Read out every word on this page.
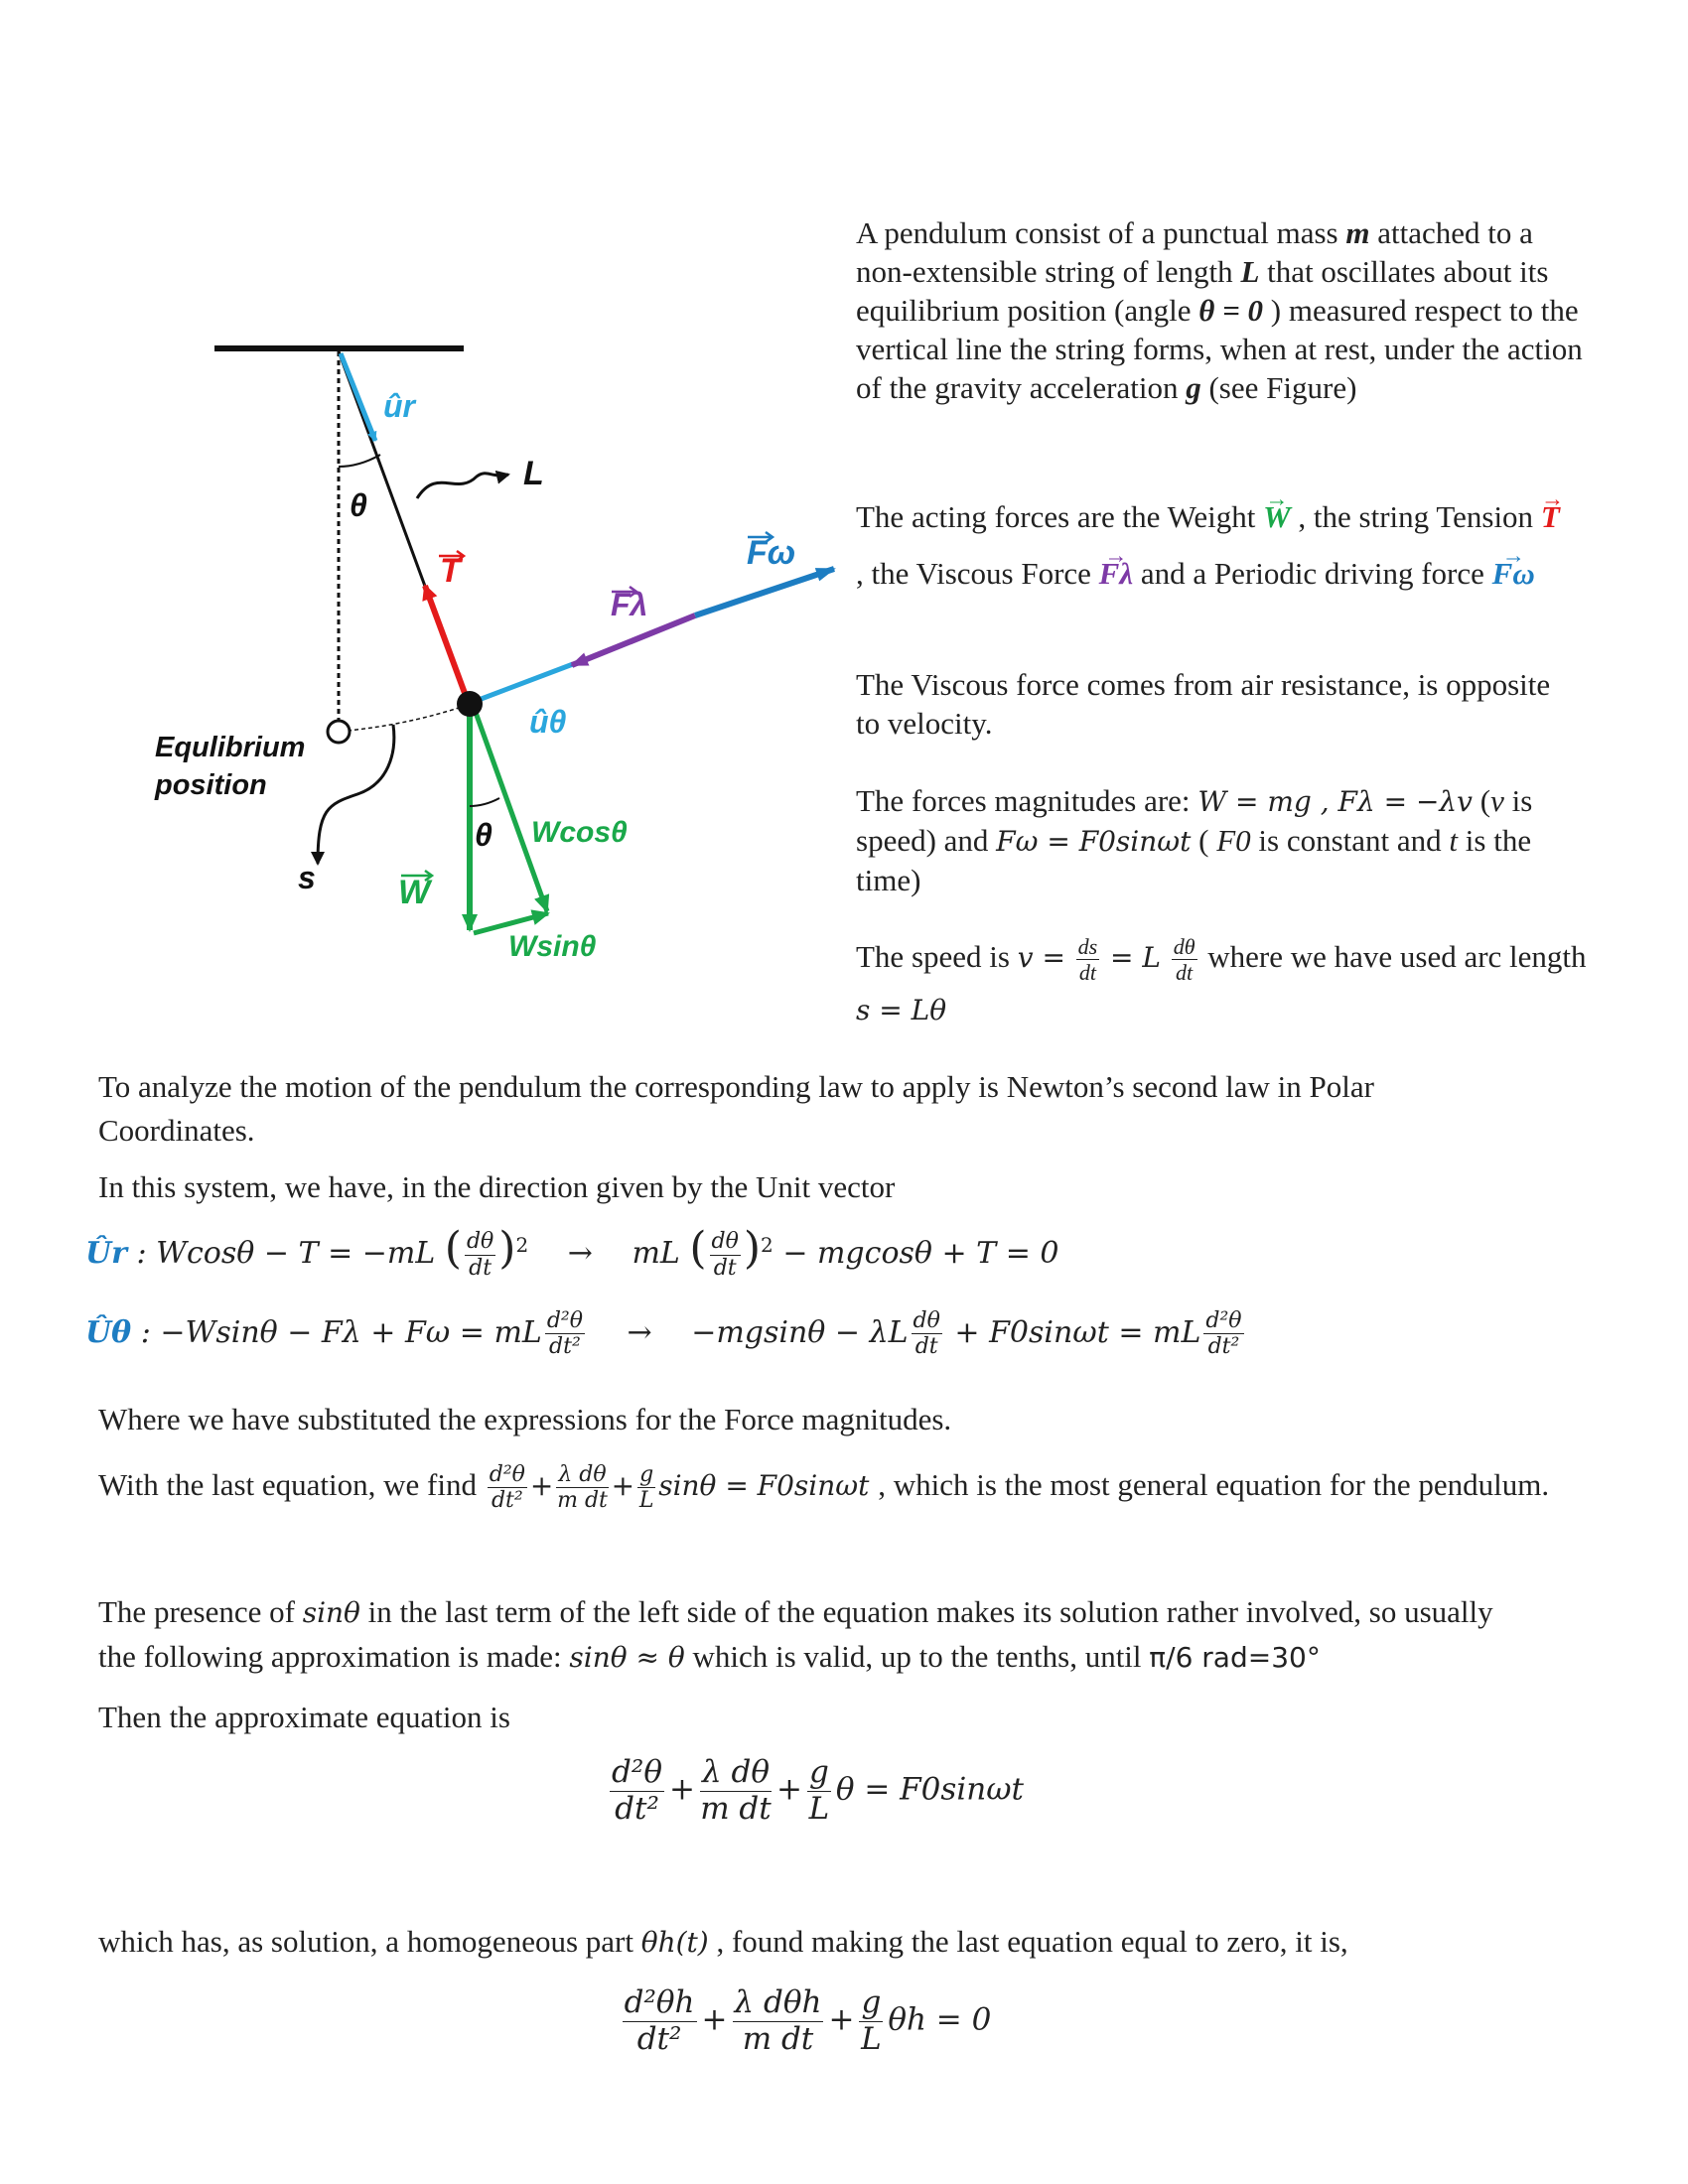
ûr
θ
L
T
Fλ
Fω
ûθ
Equlibrium
position
θ Wcosθ
s W
Wsinθ

A pendulum consist of a punctual mass m attached to a non-extensible string of length L that oscillates about its equilibrium position (angle θ = 0 ) measured respect to the vertical line the string forms, when at rest, under the action of the gravity acceleration g (see Figure)

The acting forces are the Weight → W , the string Tension → T , the Viscous Force → Fλ and a Periodic driving force → Fω

The Viscous force comes from air resistance, is opposite to velocity.

The forces magnitudes are: W = mg , Fλ = −λv (v is speed) and Fω = F0sinωt ( F0 is constant and t is the time)

The speed is $v = \frac{ds}{dt} = L \frac{d\theta}{dt}$ where we have used arc length s = Lθ

To analyze the motion of the pendulum the corresponding law to apply is Newton’s second law in Polar Coordinates.

In this system, we have, in the direction given by the Unit vector

Ûr : Wcosθ − T = −mL ( $\frac{d\theta}{dt} )^2$ → mL ( $\frac{d\theta}{dt} )^2 - mgcos\theta + T = 0$
Ûθ : −Wsinθ − Fλ + Fω = mL $\frac{\text{d²θ}}{\text{dt²}} \to -mgsin\theta - \lambda L \frac{d\theta}{dt} + F0\sin\omega t$ = mL $\frac{\text{d²θ}}{\text{dt²}}$

Where we have substituted the expressions for the Force magnitudes.

With the last equation, we find $\frac{\text{d²θ}}{\text{dt²}} + \frac{\text{λ dθ}}{\text{m dt}} + \frac{g}{L}$ sinθ = F0sinωt , which is the most general equation for the pendulum.

The presence of sinθ in the last term of the left side of the equation makes its solution rather involved, so usually the following approximation is made: sinθ ≈ θ which is valid, up to the tenths, until π/6 rad=30°

Then the approximate equation is

$\frac{\text{d²θ}}{\text{dt²}} + \frac{\text{λ dθ}}{\text{m dt}} + \frac{g}{L}$ θ = F0sinωt

which has, as solution, a homogeneous part θh(t) , found making the last equation equal to zero, it is,

$\frac{\text{d²θh}}{\text{dt²}} + \frac{\text{λ dθh}}{\text{m dt}} + \frac{g}{L}$ θh = 0
